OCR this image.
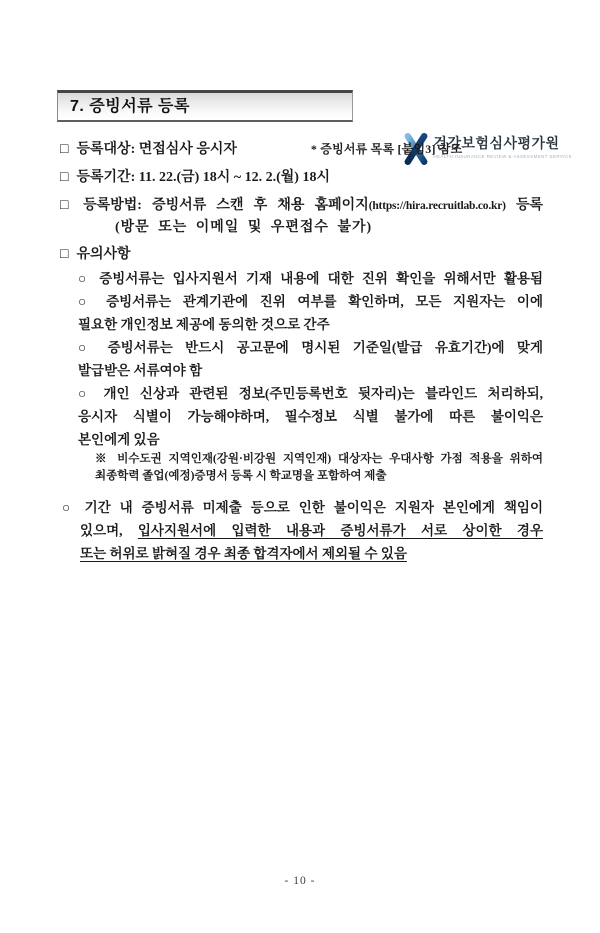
건강보험심사평가원
HEALTH INSURANCE REVIEW & ASSESSMENT SERVICE
7. 증빙서류 등록
□ 등록대상: 면접심사 응시자	* 증빙서류 목록 [붙임3] 참조
□ 등록기간: 11. 22.(금) 18시 ~ 12. 2.(월) 18시
□ 등록방법: 증빙서류 스캔 후 채용 홈페이지(https://hira.recruitlab.co.kr) 등록
(방문 또는 이메일 및 우편접수 불가)
□ 유의사항
○ 증빙서류는 입사지원서 기재 내용에 대한 진위 확인을 위해서만 활용됨
○ 증빙서류는 관계기관에 진위 여부를 확인하며, 모든 지원자는 이에
필요한 개인정보 제공에 동의한 것으로 간주
○ 증빙서류는 반드시 공고문에 명시된 기준일(발급 유효기간)에 맞게
발급받은 서류여야 함
○ 개인 신상과 관련된 정보(주민등록번호 뒷자리)는 블라인드 처리하되,
응시자 식별이 가능해야하며, 필수정보 식별 불가에 따른 불이익은
본인에게 있음
※ 비수도권 지역인재(강원·비강원 지역인재) 대상자는 우대사항 가점 적용을 위하여
최종학력 졸업(예정)증명서 등록 시 학교명을 포함하여 제출
○ 기간 내 증빙서류 미제출 등으로 인한 불이익은 지원자 본인에게 책임이
있으며, 입사지원서에 입력한 내용과 증빙서류가 서로 상이한 경우
또는 허위로 밝혀질 경우 최종 합격자에서 제외될 수 있음
- 10 -
